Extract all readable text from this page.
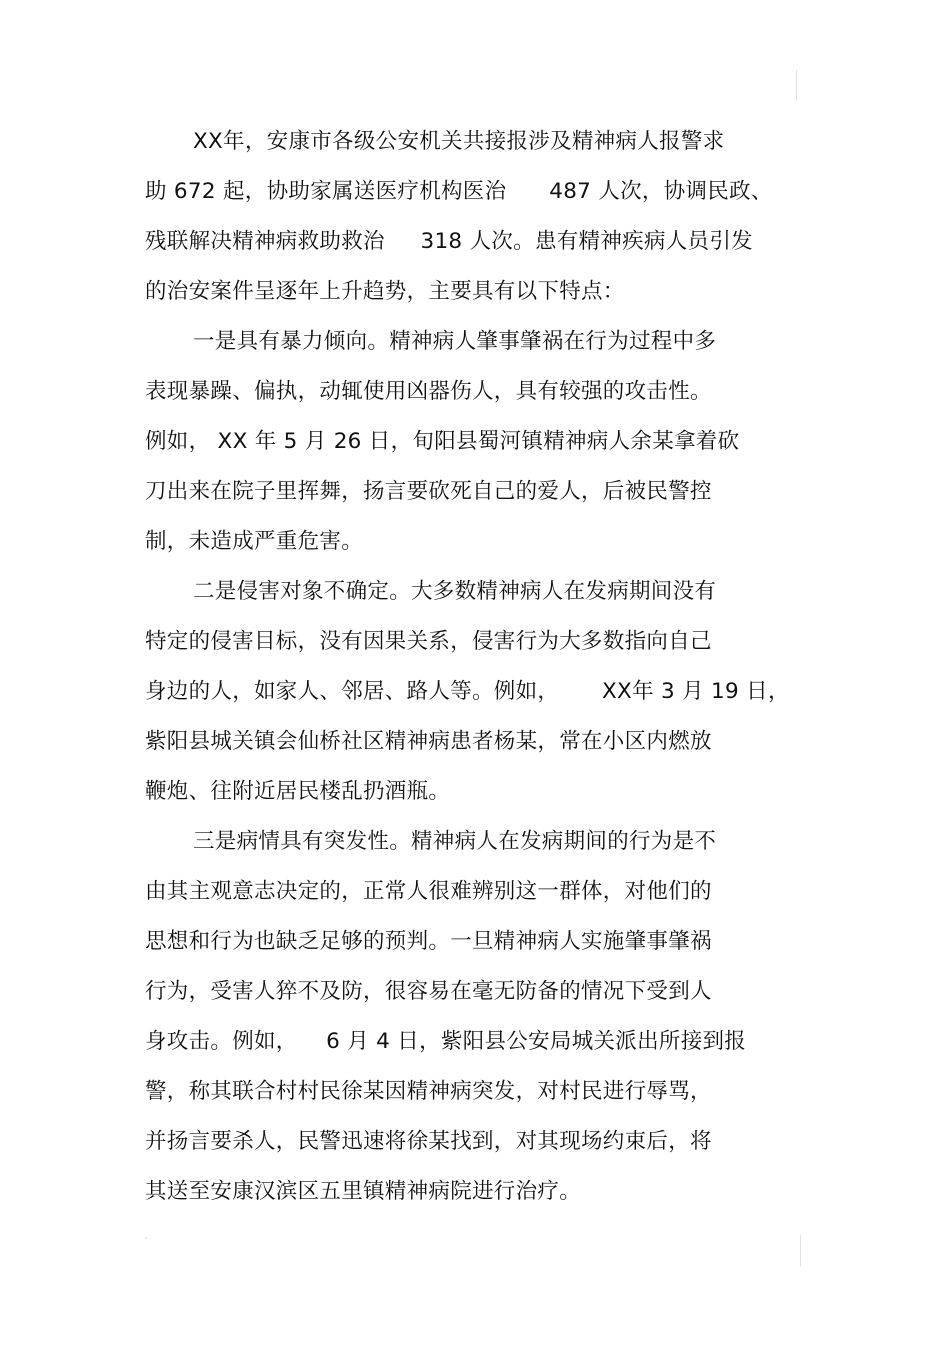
XX年，安康市各级公安机关共接报涉及精神病人报警求
助 672 起，协助家属送医疗机构医治      487 人次，协调民政、
残联解决精神病救助救治     318 人次。患有精神疾病人员引发
的治安案件呈逐年上升趋势，主要具有以下特点：
一是具有暴力倾向。精神病人肇事肇祸在行为过程中多
表现暴躁、偏执，动辄使用凶器伤人，具有较强的攻击性。
例如， XX 年 5 月 26 日，旬阳县蜀河镇精神病人余某拿着砍
刀出来在院子里挥舞，扬言要砍死自己的爱人，后被民警控
制，未造成严重危害。
二是侵害对象不确定。大多数精神病人在发病期间没有
特定的侵害目标，没有因果关系，侵害行为大多数指向自己
身边的人，如家人、邻居、路人等。例如，      XX年 3 月 19 日，
紫阳县城关镇会仙桥社区精神病患者杨某，常在小区内燃放
鞭炮、往附近居民楼乱扔酒瓶。
三是病情具有突发性。精神病人在发病期间的行为是不
由其主观意志决定的，正常人很难辨别这一群体，对他们的
思想和行为也缺乏足够的预判。一旦精神病人实施肇事肇祸
行为，受害人猝不及防，很容易在毫无防备的情况下受到人
身攻击。例如，    6 月 4 日，紫阳县公安局城关派出所接到报
警，称其联合村村民徐某因精神病突发，对村民进行辱骂，
并扬言要杀人，民警迅速将徐某找到，对其现场约束后，将
其送至安康汉滨区五里镇精神病院进行治疗。
